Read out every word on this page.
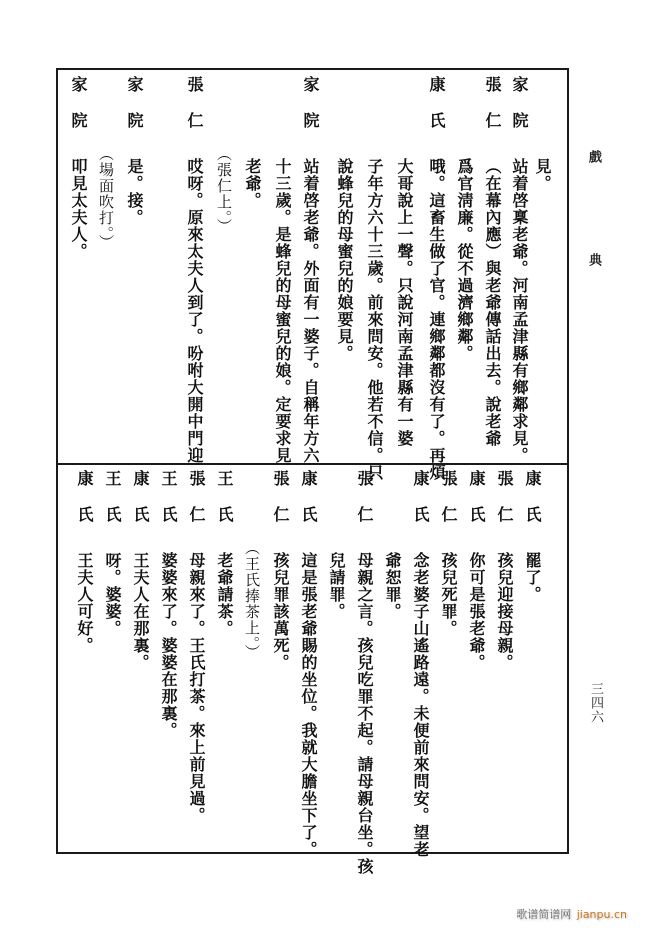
家院
站着啓稟老爺。河南孟津縣有鄉鄰求見。 見。
張仁
（在幕內應）與老爺傳話出去。說老爺
爲官淸廉。從不過濟鄉鄰。
康氏
哦。這畜生做了官。連鄉鄰都沒有了。再煩
大哥說上一聲。只說河南孟津縣有一婆
子年方六十三歲。前來問安。他若不信。只
說蜂兒的母蜜兒的娘要見。
家院
站着啓老爺。外面有一婆子。自稱年方六
十三歲。是蜂兒的母蜜兒的娘。定要求見
老爺。
（張仁上。）
張仁
哎呀。原來太夫人到了。吩咐大開中門迎
家院
是。接。
（場面吹打。）
家院
叩見太夫人。
康氏
罷了。
張仁
孩兒迎接母親。
康氏
你可是張老爺。
張仁
孩兒死罪。
康氏
念老婆子山遙路遠。未便前來問安。望老
爺恕罪。
張仁
母親之言。孩兒吃罪不起。請母親台坐。孩
兒請罪。
康氏
這是張老爺賜的坐位。我就大膽坐下了。
張仁
孩兒罪該萬死。
（王氏捧茶上。）
王氏
老爺請茶。
張仁
母親來了。王氏打茶。來上前見過。
王氏
婆婆來了。婆婆在那裏。
康氏
王夫人在那裏。
王氏
呀。婆婆。
康氏
王夫人可好。
戲典
三四六
歌谱简谱网 jianpu.cn
